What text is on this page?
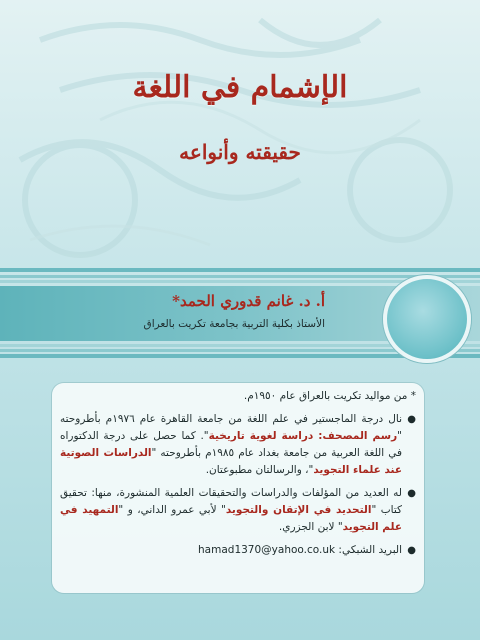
الإشمام في اللغة
حقيقته وأنواعه
أ. د. غانم قدوري الحمد*
الأستاذ بكلية التربية بجامعة تكريت بالعراق
* من مواليد تكريت بالعراق عام ١٩٥٠م.
●
نال درجة الماجستير في علم اللغة من جامعة القاهرة عام ١٩٧٦م بأطروحته "رسم المصحف: دراسة لغوية تاريخية". كما حصل على درجة الدكتوراه في اللغة العربية من جامعة بغداد عام ١٩٨٥م بأطروحته "الدراسات الصوتية عند علماء التجويد"، والرسالتان مطبوعتان.
●
له العديد من المؤلفات والدراسات والتحقيقات العلمية المنشورة، منها: تحقيق كتاب "التحديد في الإتقان والتجويد" لأبي عمرو الداني، و "التمهيد في علم التجويد" لابن الجزري.
●
البريد الشبكي: hamad1370@yahoo.co.uk
